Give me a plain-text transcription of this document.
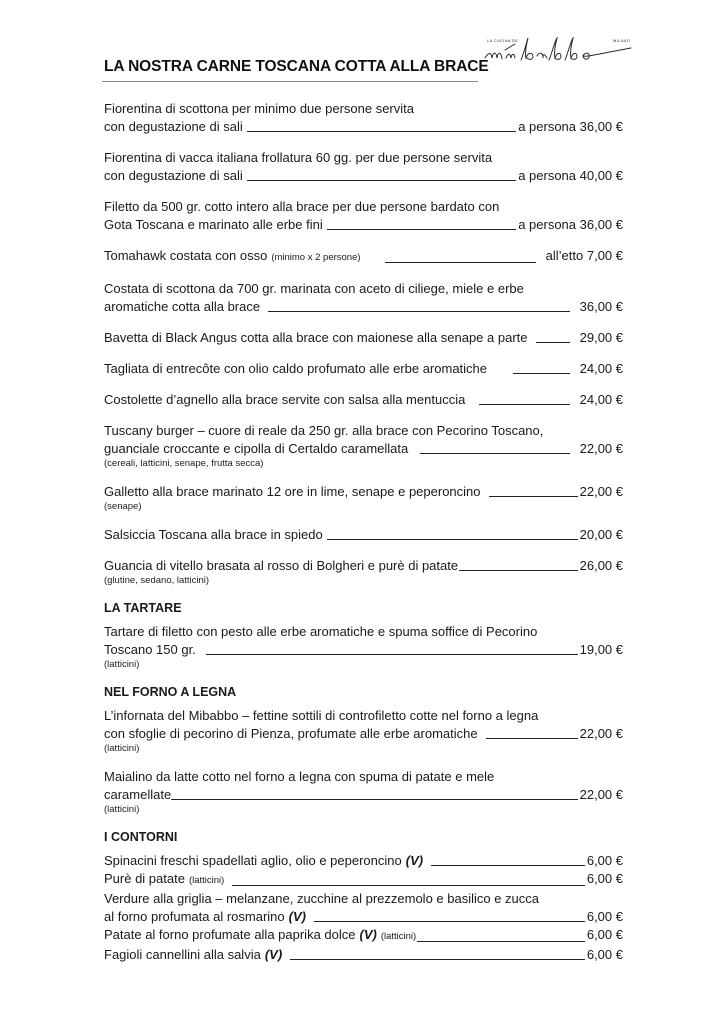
LA CUCINA DE	MILANO
LA NOSTRA CARNE TOSCANA COTTA ALLA BRACE
Fiorentina di scottona per minimo due persone servita
con degustazione di sali	a persona 36,00 €
Fiorentina di vacca italiana frollatura 60 gg. per due persone servita
con degustazione di sali	a persona 40,00 €
Filetto da 500 gr. cotto intero alla brace per due persone bardato con
Gota Toscana e marinato alle erbe fini	a persona 36,00 €
Tomahawk costata con osso (minimo x 2 persone)	all’etto 7,00 €
Costata di scottona da 700 gr. marinata con aceto di ciliege, miele e erbe
aromatiche cotta alla brace	36,00 €
Bavetta di Black Angus cotta alla brace con maionese alla senape a parte	29,00 €
Tagliata di entrecôte con olio caldo profumato alle erbe aromatiche	24,00 €
Costolette d’agnello alla brace servite con salsa alla mentuccia	24,00 €
Tuscany burger – cuore di reale da 250 gr. alla brace con Pecorino Toscano,
guanciale croccante e cipolla di Certaldo caramellata	22,00 €
(cereali, latticini, senape, frutta secca)
Galletto alla brace marinato 12 ore in lime, senape e peperoncino	22,00 €
(senape)
Salsiccia Toscana alla brace in spiedo	20,00 €
Guancia di vitello brasata al rosso di Bolgheri e purè di patate	26,00 €
(glutine, sedano, latticini)
LA TARTARE
Tartare di filetto con pesto alle erbe aromatiche e spuma soffice di Pecorino
Toscano 150 gr.	19,00 €
(latticini)
NEL FORNO A LEGNA
L’infornata del Mibabbo – fettine sottili di controfiletto cotte nel forno a legna
con sfoglie di pecorino di Pienza, profumate alle erbe aromatiche	22,00 €
(latticini)
Maialino da latte cotto nel forno a legna con spuma di patate e mele
caramellate	22,00 €
(latticini)
I CONTORNI
Spinacini freschi spadellati aglio, olio e peperoncino (V)	6,00 €
Purè di patate (latticini)	6,00 €
Verdure alla griglia – melanzane, zucchine al prezzemolo e basilico e zucca
al forno profumata al rosmarino (V)	6,00 €
Patate al forno profumate alla paprika dolce (V) (latticini)	6,00 €
Fagioli cannellini alla salvia (V)	6,00 €
